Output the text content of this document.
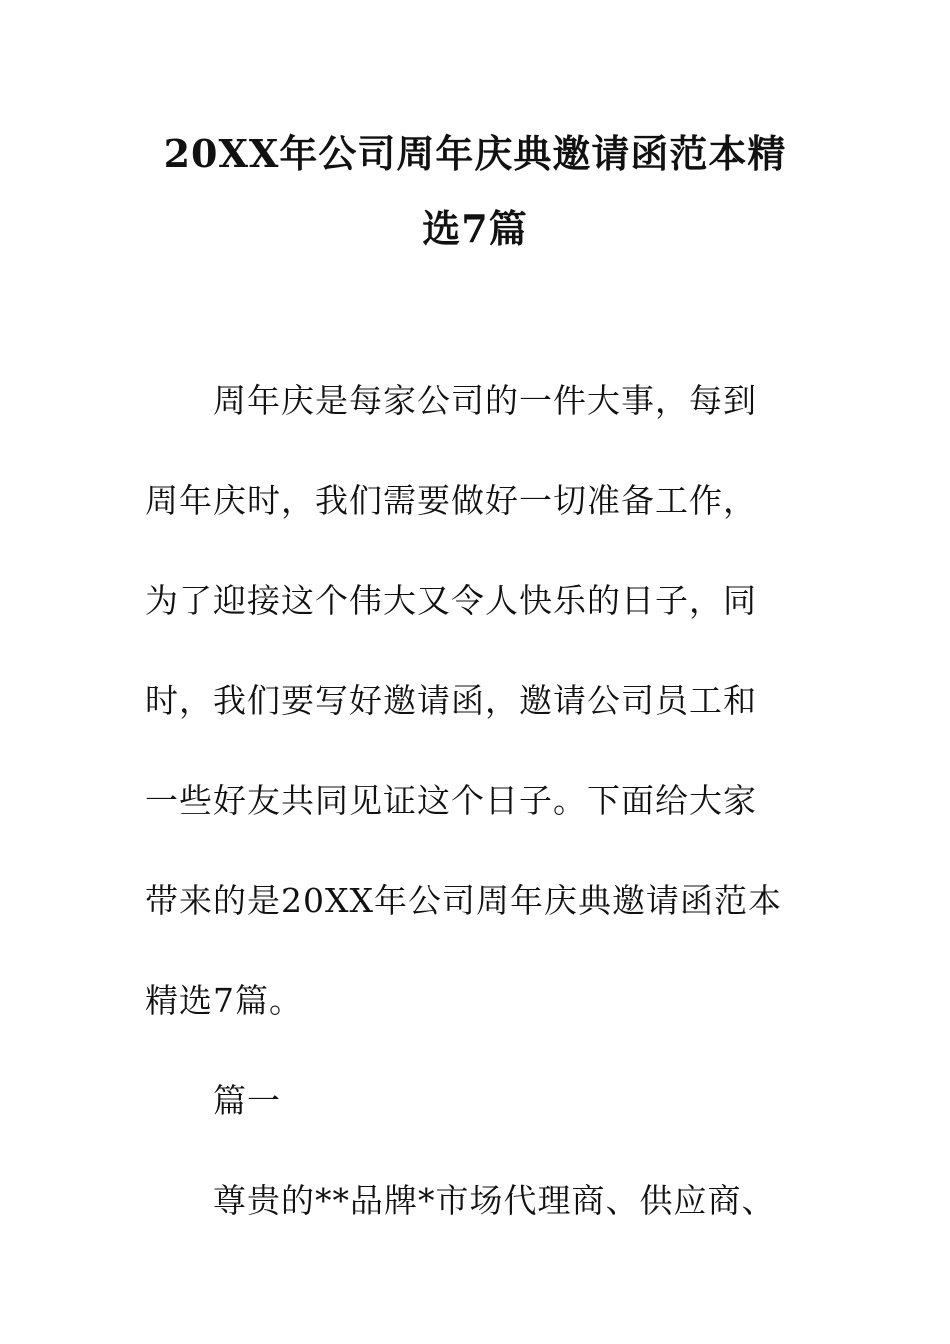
20XX年公司周年庆典邀请函范本精
选7篇
周年庆是每家公司的一件大事，每到
周年庆时，我们需要做好一切准备工作，
为了迎接这个伟大又令人快乐的日子，同
时，我们要写好邀请函，邀请公司员工和
一些好友共同见证这个日子。下面给大家
带来的是20XX年公司周年庆典邀请函范本
精选7篇。
篇一
尊贵的**品牌*市场代理商、供应商、
